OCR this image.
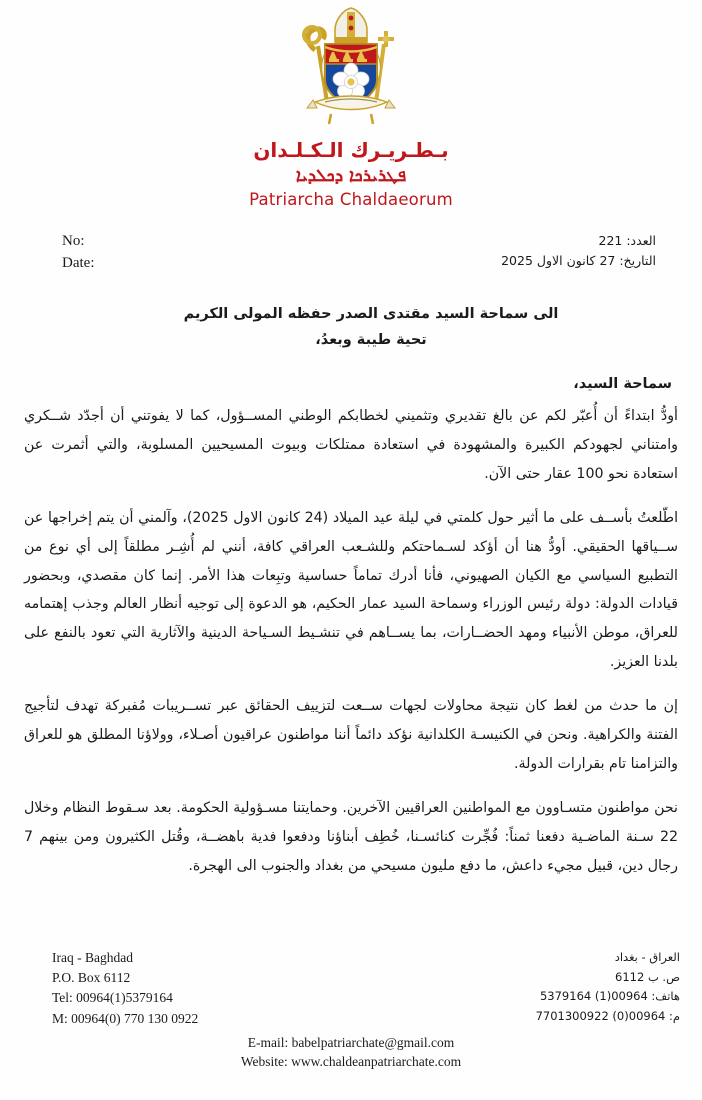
بـطـريـرك الـكـلـدان
ܦܛܪܝܪܟܐ ܕܟܠܕܝܐ
Patriarcha Chaldaeorum
No:
Date:
العدد: 221
التاريخ: 27 كانون الاول 2025
الى سماحة السيد مقتدى الصدر حفظه المولى الكريم
تحية طيبة وبعدُ،
سماحة السيد،

أودُّ ابتداءً أن أُعبّر لكم عن بالغ تقديري وتثميني لخطابكم الوطني المســؤول، كما لا يفوتني أن أجدّد شــكري وامتناني لجهودكم الكبيرة والمشهودة في استعادة ممتلكات وبيوت المسيحيين المسلوبة، والتي أثمرت عن استعادة نحو 100 عقار حتى الآن.

اطّلعتُ بأســف على ما أثير حول كلمتي في ليلة عيد الميلاد (24 كانون الاول 2025)، وآلمني أن يتم إخراجها عن ســياقها الحقيقي. أودُّ هنا أن أؤكد لسـماحتكم وللشـعب العراقي كافة، أنني لم أُشِـر مطلقاً إلى أي نوع من التطبيع السياسي مع الكيان الصهيوني، فأنا أدرك تماماً حساسية وتبِعات هذا الأمر. إنما كان مقصدي، وبحضور قيادات الدولة: دولة رئيس الوزراء وسماحة السيد عمار الحكيم، هو الدعوة إلى توجيه أنظار العالم وجذب إهتمامه للعراق، موطن الأنبياء ومهد الحضــارات، بما يســاهم في تنشـيط السـياحة الدينية والآثارية التي تعود بالنفع على بلدنا العزيز.

إن ما حدث من لغط كان نتيجة محاولات لجهات ســعت لتزييف الحقائق عبر تســريبات مُفبركة تهدف لتأجيج الفتنة والكراهية. ونحن في الكنيسـة الكلدانية نؤكد دائماً أننا مواطنون عراقيون أصـلاء، وولاؤنا المطلق هو للعراق والتزامنا تام بقرارات الدولة.

نحن مواطنون متسـاوون مع المواطنين العراقيين الآخرين. وحمايتنا مسـؤولية الحكومة. بعد سـقوط النظام وخلال 22 سـنة الماضـية دفعنا ثمناً: فُجِّرت كنائسـنا، خُطِف أبناؤنا ودفعوا فدية باهضــة، وقُتل الكثيرون ومن بينهم 7 رجال دين، قبيل مجيء داعش، ما دفع مليون مسيحي من بغداد والجنوب الى الهجرة.

Iraq - Baghdad
P.O. Box 6112
Tel: 00964(1)5379164
M: 00964(0) 770 130 0922
العراق - بغداد
ص. ب 6112
هاتف: 00964(1) 5379164
م: 00964(0) 7701300922
E-mail: babelpatriarchate@gmail.com
Website: www.chaldeanpatriarchate.com
